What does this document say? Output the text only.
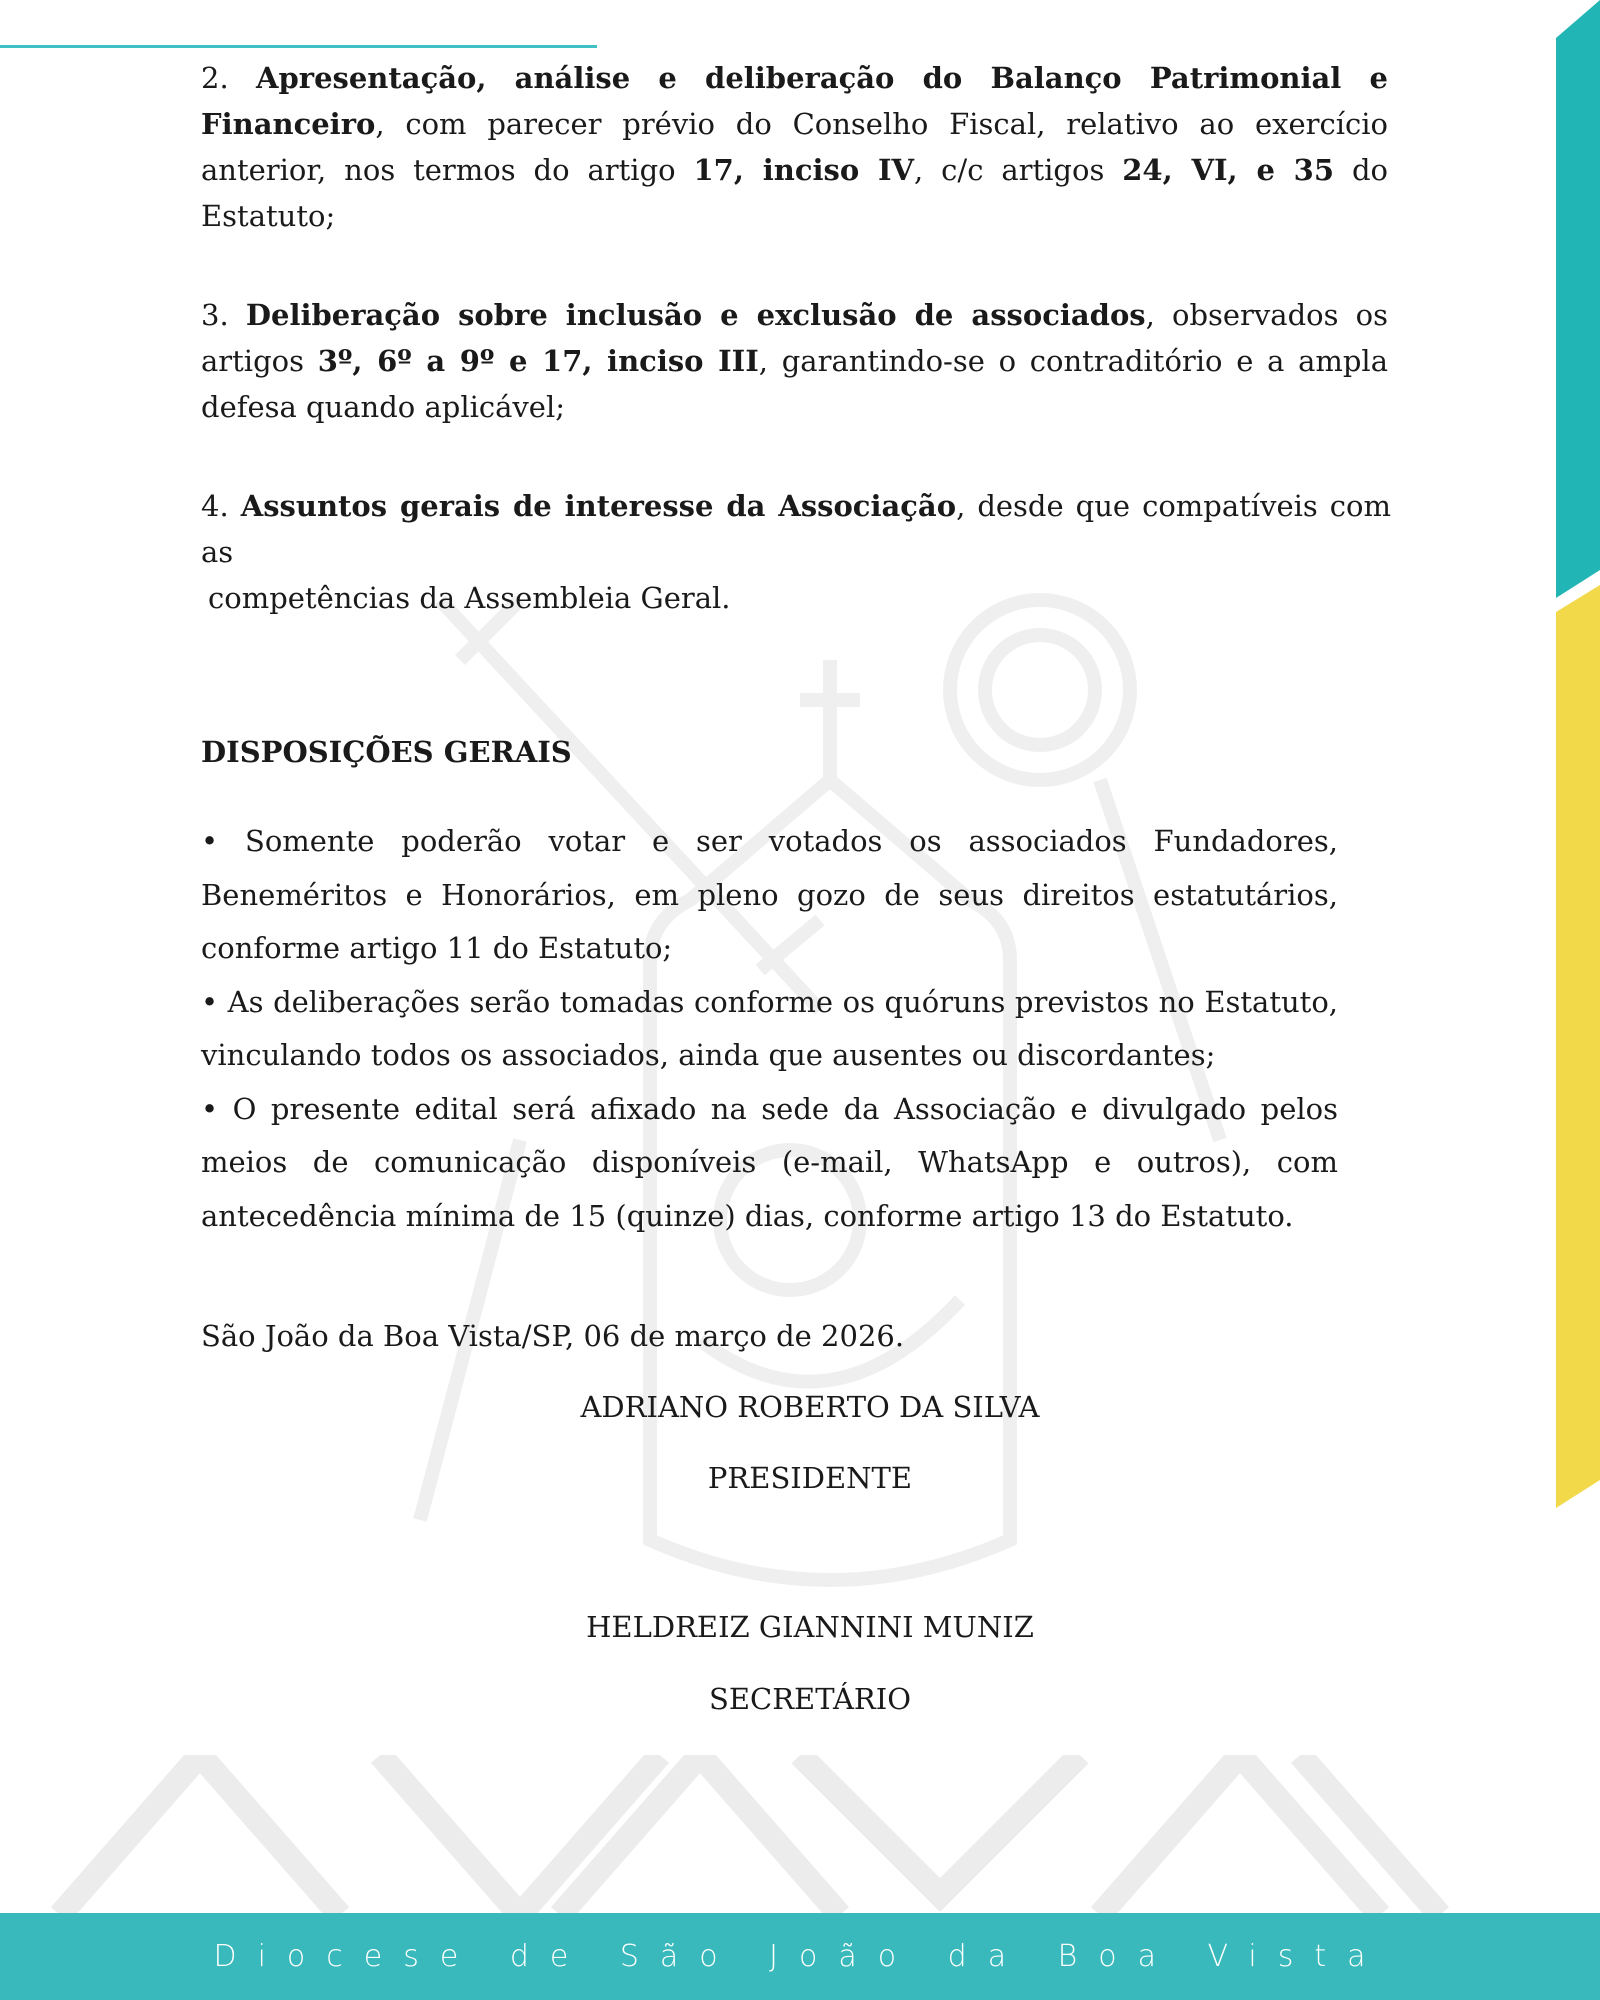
2. Apresentação, análise e deliberação do Balanço Patrimonial e Financeiro, com parecer prévio do Conselho Fiscal, relativo ao exercício anterior, nos termos do artigo 17, inciso IV, c/c artigos 24, VI, e 35 do Estatuto;

3. Deliberação sobre inclusão e exclusão de associados, observados os artigos 3º, 6º a 9º e 17, inciso III, garantindo-se o contraditório e a ampla defesa quando aplicável;

4. Assuntos gerais de interesse da Associação, desde que compatíveis com as
competências da Assembleia Geral.

DISPOSIÇÕES GERAIS

• Somente poderão votar e ser votados os associados Fundadores, Beneméritos e Honorários, em pleno gozo de seus direitos estatutários, conforme artigo 11 do Estatuto;

• As deliberações serão tomadas conforme os quóruns previstos no Estatuto, vinculando todos os associados, ainda que ausentes ou discordantes;

• O presente edital será afixado na sede da Associação e divulgado pelos meios de comunicação disponíveis (e-mail, WhatsApp e outros), com antecedência mínima de 15 (quinze) dias, conforme artigo 13 do Estatuto.

São João da Boa Vista/SP, 06 de março de 2026.

ADRIANO ROBERTO DA SILVA
PRESIDENTE
HELDREIZ GIANNINI MUNIZ
SECRETÁRIO
Diocese de São João da Boa Vista
